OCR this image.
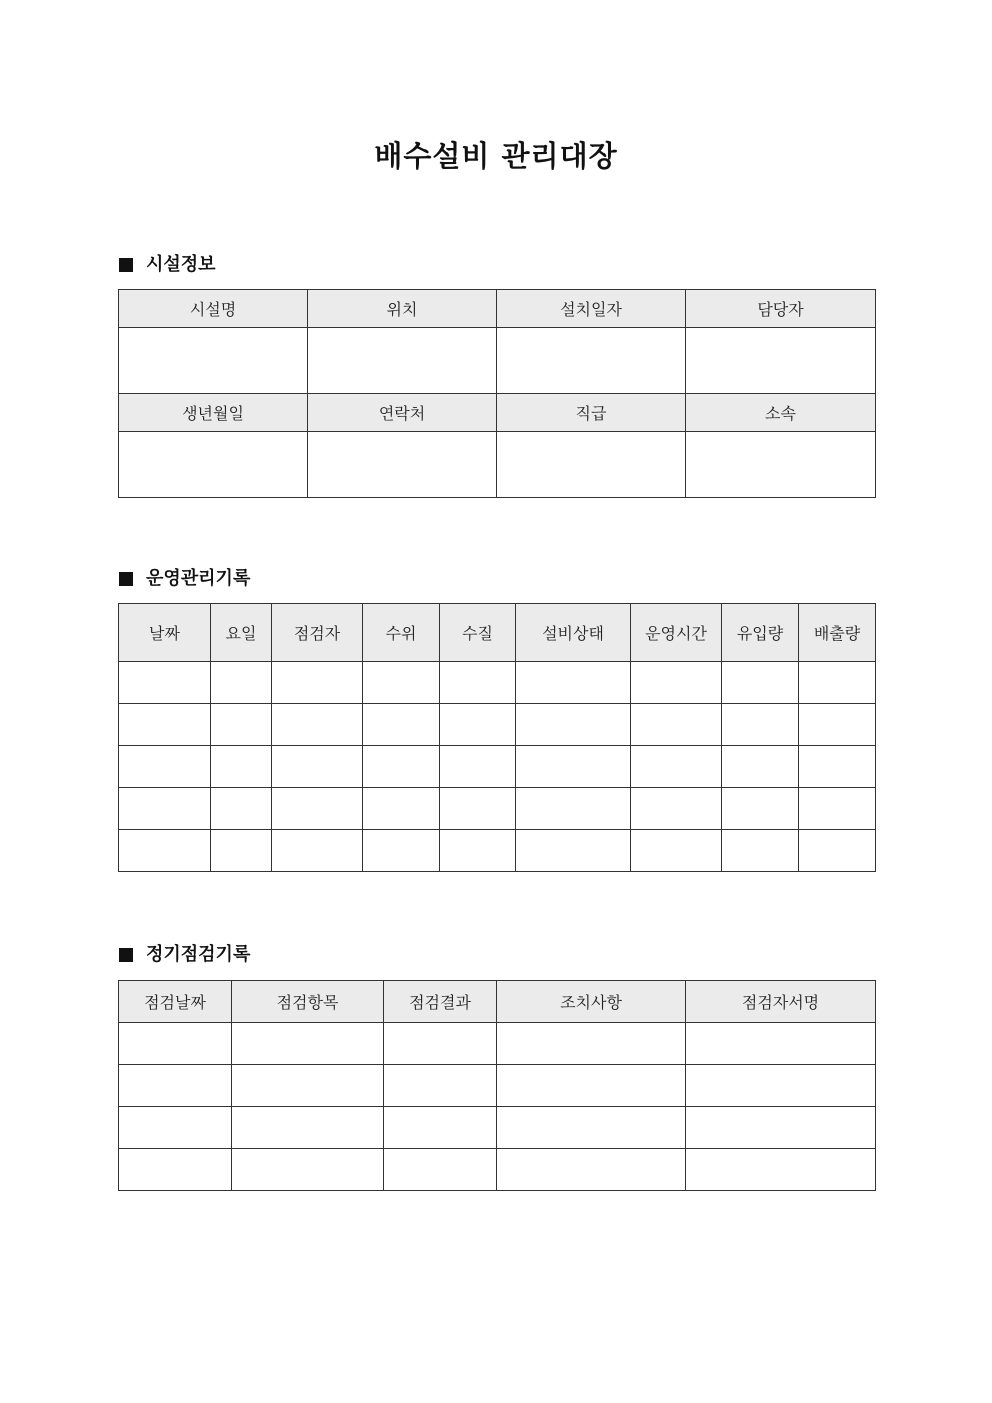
배수설비 관리대장
시설정보
시설명	위치	설치일자	담당자

생년월일	연락처	직급	소속

운영관리기록
날짜	요일	점검자	수위	수질	설비상태	운영시간	유입량	배출량

정기점검기록
점검날짜	점검항목	점검결과	조치사항	점검자서명
